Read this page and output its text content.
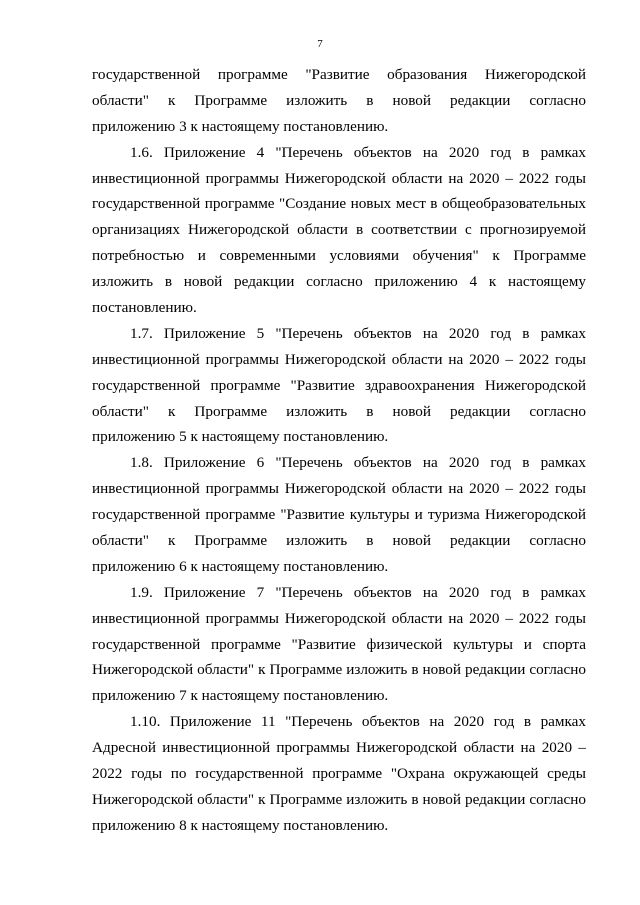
7
государственной программе "Развитие образования Нижегородской
области" к Программе изложить в новой редакции согласно
приложению 3 к настоящему постановлению.
1.6. Приложение 4 "Перечень объектов на 2020 год в рамках
инвестиционной программы Нижегородской области на 2020 – 2022 годы
государственной программе "Создание новых мест в общеобразовательных
организациях Нижегородской области в соответствии с прогнозируемой
потребностью и современными условиями обучения" к Программе
изложить в новой редакции согласно приложению 4 к настоящему
постановлению.
1.7. Приложение 5 "Перечень объектов на 2020 год в рамках
инвестиционной программы Нижегородской области на 2020 – 2022 годы
государственной программе "Развитие здравоохранения Нижегородской
области" к Программе изложить в новой редакции согласно
приложению 5 к настоящему постановлению.
1.8. Приложение 6 "Перечень объектов на 2020 год в рамках
инвестиционной программы Нижегородской области на 2020 – 2022 годы
государственной программе "Развитие культуры и туризма Нижегородской
области" к Программе изложить в новой редакции согласно
приложению 6 к настоящему постановлению.
1.9. Приложение 7 "Перечень объектов на 2020 год в рамках
инвестиционной программы Нижегородской области на 2020 – 2022 годы
государственной программе "Развитие физической культуры и спорта
Нижегородской области" к Программе изложить в новой редакции согласно
приложению 7 к настоящему постановлению.
1.10. Приложение 11 "Перечень объектов на 2020 год в рамках
Адресной инвестиционной программы Нижегородской области на 2020 –
2022 годы по государственной программе "Охрана окружающей среды
Нижегородской области" к Программе изложить в новой редакции согласно
приложению 8 к настоящему постановлению.
